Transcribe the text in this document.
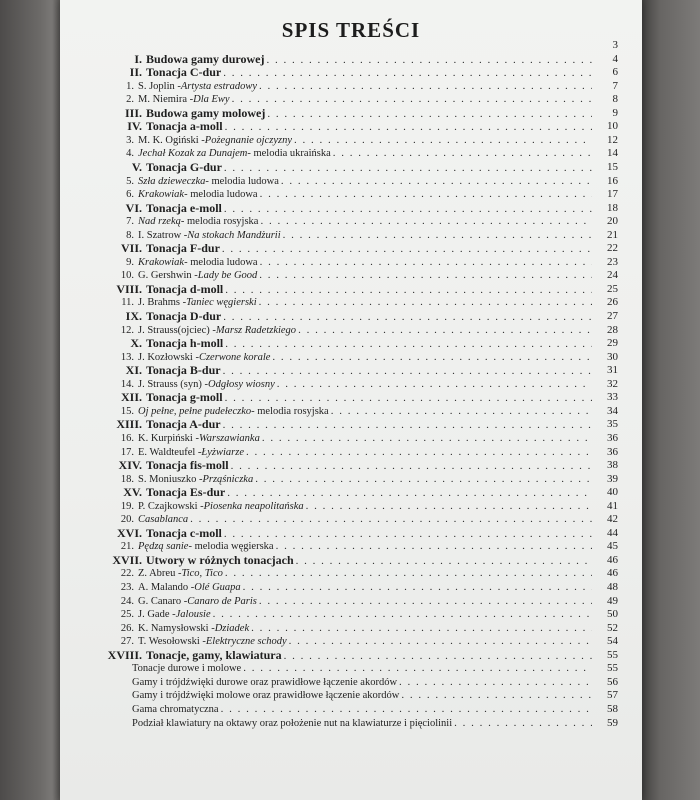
SPIS TREŚCI
3
I. Budowa gamy durowej . . .	4
II. Tonacja C-dur . . .	6
1. S. Joplin - Artysta estradowy . . .	7
2. M. Niemira - Dla Ewy . . .	8
III. Budowa gamy molowej . . .	9
IV. Tonacja a-moll . . .	10
3. M. K. Ogiński - Pożegnanie ojczyzny . . .	12
4. Jechał Kozak za Dunajem - melodia ukraińska . . .	14
V. Tonacja G-dur . . .	15
5. Szła dzieweczka - melodia ludowa . . .	16
6. Krakowiak - melodia ludowa . . .	17
VI. Tonacja e-moll . . .	18
7. Nad rzeką - melodia rosyjska . . .	20
8. I. Szatrow - Na stokach Mandżurii . . .	21
VII. Tonacja F-dur . . .	22
9. Krakowiak - melodia ludowa . . .	23
10. G. Gershwin - Lady be Good . . .	24
VIII. Tonacja d-moll . . .	25
11. J. Brahms - Taniec węgierski . . .	26
IX. Tonacja D-dur . . .	27
12. J. Strauss(ojciec) - Marsz Radetzkiego . . .	28
X. Tonacja h-moll . . .	29
13. J. Kozłowski - Czerwone korale . . .	30
XI. Tonacja B-dur . . .	31
14. J. Strauss (syn) - Odgłosy wiosny . . .	32
XII. Tonacja g-moll . . .	33
15. Oj pełne, pełne pudełeczko - melodia rosyjska . . .	34
XIII. Tonacja A-dur . . .	35
16. K. Kurpiński - Warszawianka . . .	36
17. E. Waldteufel - Łyżwiarze . . .	36
XIV. Tonacja fis-moll . . .	38
18. S. Moniuszko - Prząśniczka . . .	39
XV. Tonacja Es-dur . . .	40
19. P. Czajkowski - Piosenka neapolitańska . . .	41
20. Casablanca . . .	42
XVI. Tonacja c-moll . . .	44
21. Pędzą sanie - melodia węgierska . . .	45
XVII. Utwory w różnych tonacjach . . .	46
22. Z. Abreu - Tico, Tico . . .	46
23. A. Malando - Olé Guapa . . .	48
24. G. Canaro - Canaro de Paris . . .	49
25. J. Gade - Jalousie . . .	50
26. K. Namysłowski - Dziadek . . .	52
27. T. Wesołowski - Elektryczne schody . . .	54
XVIII. Tonacje, gamy, klawiatura . . .	55
Tonacje durowe i molowe . . .	55
Gamy i trójdźwięki durowe oraz prawidłowe łączenie akordów . . .	56
Gamy i trójdźwięki molowe oraz prawidłowe łączenie akordów . . .	57
Gama chromatyczna . . .	58
Podział klawiatury na oktawy oraz położenie nut na klawiaturze i pięciolinii . . .	59
